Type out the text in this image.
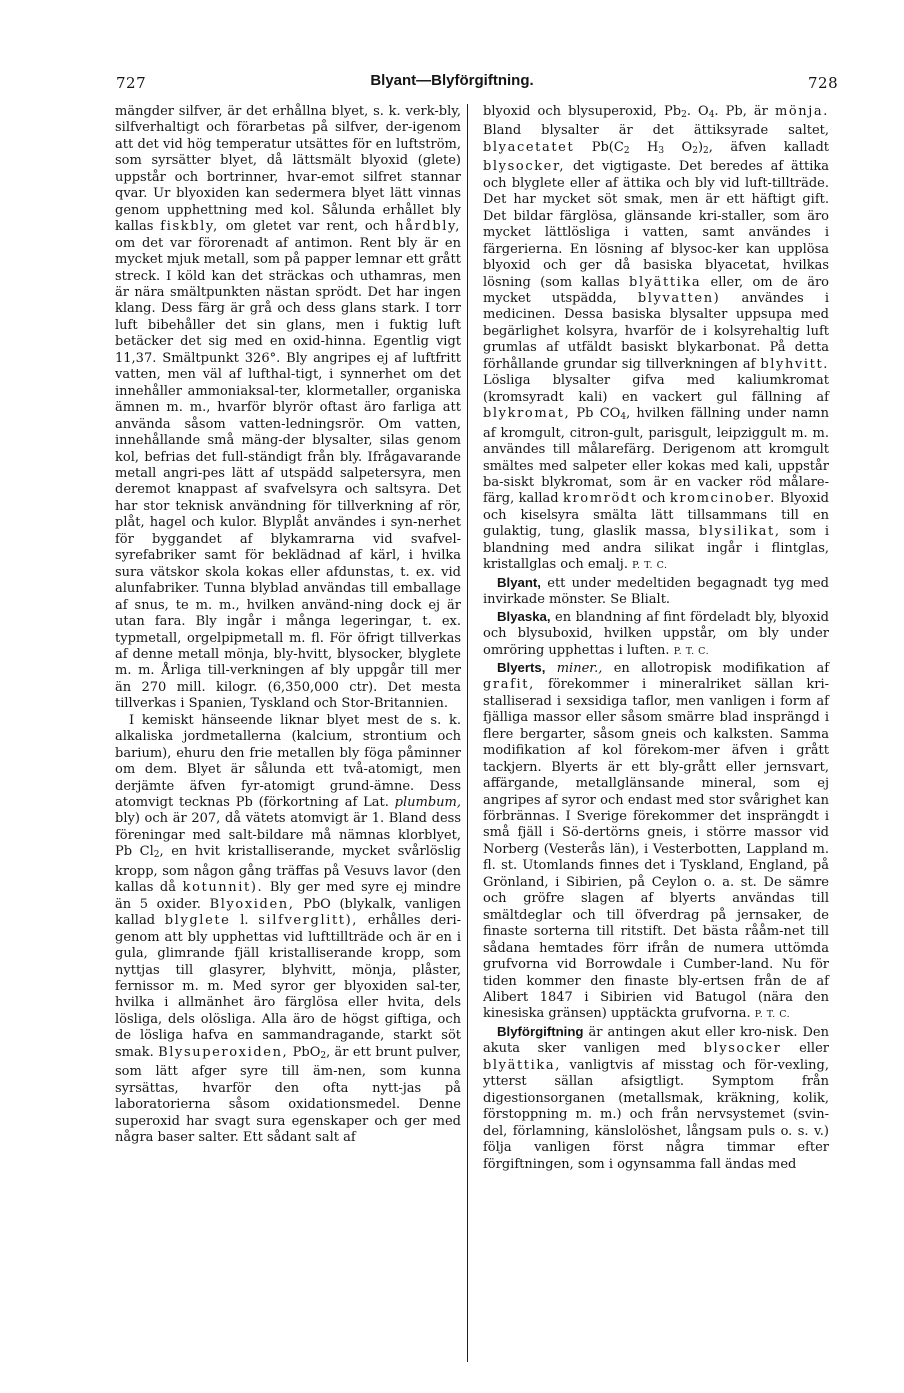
727	Blyant—Blyförgiftning.	728

mängder silfver, är det erhållna blyet, s. k. verk-bly, silfverhaltigt och förarbetas på silfver, der-igenom att det vid hög temperatur utsättes för en luftström, som syrsätter blyet, då lättsmält blyoxid (glete) uppstår och bortrinner, hvar-emot silfret stannar qvar. Ur blyoxiden kan sedermera blyet lätt vinnas genom upphettning med kol. Sålunda erhållet bly kallas fiskbly, om gletet var rent, och hårdbly, om det var förorenadt af antimon. Rent bly är en mycket mjuk metall, som på papper lemnar ett grått streck. I köld kan det sträckas och uthamras, men är nära smältpunkten nästan sprödt. Det har ingen klang. Dess färg är grå och dess glans stark. I torr luft bibehåller det sin glans, men i fuktig luft betäcker det sig med en oxid-hinna. Egentlig vigt 11,37. Smältpunkt 326°. Bly angripes ej af luftfritt vatten, men väl af lufthal-tigt, i synnerhet om det innehåller ammoniaksal-ter, klormetaller, organiska ämnen m. m., hvarför blyrör oftast äro farliga att använda såsom vatten-ledningsrör. Om vatten, innehållande små mäng-der blysalter, silas genom kol, befrias det full-ständigt från bly. Ifrågavarande metall angri-pes lätt af utspädd salpetersyra, men deremot knappast af svafvelsyra och saltsyra. Det har stor teknisk användning för tillverkning af rör, plåt, hagel och kulor. Blyplåt användes i syn-nerhet för byggandet af blykamrarna vid svafvel-syrefabriker samt för beklädnad af kärl, i hvilka sura vätskor skola kokas eller afdunstas, t. ex. vid alunfabriker. Tunna blyblad användas till emballage af snus, te m. m., hvilken använd-ning dock ej är utan fara. Bly ingår i många legeringar, t. ex. typmetall, orgelpipmetall m. fl. För öfrigt tillverkas af denne metall mönja, bly-hvitt, blysocker, blyglete m. m. Årliga till-verkningen af bly uppgår till mer än 270 mill. kilogr. (6,350,000 ctr). Det mesta tillverkas i Spanien, Tyskland och Stor-Britannien.

I kemiskt hänseende liknar blyet mest de s. k. alkaliska jordmetallerna (kalcium, strontium och barium), ehuru den frie metallen bly föga påminner om dem. Blyet är sålunda ett två-atomigt, men derjämte äfven fyr-atomigt grund-ämne. Dess atomvigt tecknas Pb (förkortning af Lat. plumbum, bly) och är 207, då vätets atomvigt är 1. Bland dess föreningar med salt-bildare må nämnas klorblyet, Pb $Cl_2$, en hvit kristalliserande, mycket svårlöslig kropp, som någon gång träffas på Vesuvs lavor (den kallas då kotunnit). Bly ger med syre ej mindre än 5 oxider. Blyoxiden, PbO (blykalk, vanligen kallad blyglete l. silfverglitt), erhålles deri-genom att bly upphettas vid lufttillträde och är en i gula, glimrande fjäll kristalliserande kropp, som nyttjas till glasyrer, blyhvitt, mönja, plåster, fernissor m. m. Med syror ger blyoxiden sal-ter, hvilka i allmänhet äro färglösa eller hvita, dels lösliga, dels olösliga. Alla äro de högst giftiga, och de lösliga hafva en sammandragande, starkt söt smak. Blysuperoxiden, PbO$_2$, är ett brunt pulver, som lätt afger syre till äm-nen, som kunna syrsättas, hvarför den ofta nytt-jas på laboratorierna såsom oxidationsmedel. Denne superoxid har svagt sura egenskaper och ger med några baser salter. Ett sådant salt af

blyoxid och blysuperoxid, $Pb_2$. $O_4$. Pb, är mönja. Bland blysalter är det ättiksyrade saltet, blyacetatet $Pb(C_2$ $H_3$ $O_2)_2$, äfven kalladt blysocker, det vigtigaste. Det beredes af ättika och blyglete eller af ättika och bly vid luft-tillträde. Det har mycket söt smak, men är ett häftigt gift. Det bildar färglösa, glänsande kri-staller, som äro mycket lättlösliga i vatten, samt användes i färgerierna. En lösning af blysoc-ker kan upplösa blyoxid och ger då basiska blyacetat, hvilkas lösning (som kallas blyättika eller, om de äro mycket utspädda, blyvatten) användes i medicinen. Dessa basiska blysalter uppsupa med begärlighet kolsyra, hvarför de i kolsyrehaltig luft grumlas af utfäldt basiskt blykarbonat. På detta förhållande grundar sig tillverkningen af blyhvitt. Lösliga blysalter gifva med kaliumkromat (kromsyradt kali) en vackert gul fällning af blykromat, Pb $CO_4$, hvilken fällning under namn af kromgult, citron-gult, parisgult, leipziggult m. m. användes till målarefärg. Derigenom att kromgult smältes med salpeter eller kokas med kali, uppstår ba-siskt blykromat, som är en vacker röd målare-färg, kallad kromrödt och kromcinober. Blyoxid och kiselsyra smälta lätt tillsammans till en gulaktig, tung, glaslik massa, blysilikat, som i blandning med andra silikat ingår i flintglas, kristallglas och emalj. P. T. C.

Blyant, ett under medeltiden begagnadt tyg med invirkade mönster. Se Blialt.

Blyaska, en blandning af fint fördeladt bly, blyoxid och blysuboxid, hvilken uppstår, om bly under omröring upphettas i luften. P. T. C.

Blyerts, miner., en allotropisk modifikation af grafit, förekommer i mineralriket sällan kri-stalliserad i sexsidiga taflor, men vanligen i form af fjälliga massor eller såsom smärre blad insprängd i flere bergarter, såsom gneis och kalksten. Samma modifikation af kol förekom-mer äfven i grått tackjern. Blyerts är ett bly-grått eller jernsvart, affärgande, metallglänsande mineral, som ej angripes af syror och endast med stor svårighet kan förbrännas. I Sverige förekommer det insprängdt i små fjäll i Sö-dertörns gneis, i större massor vid Norberg (Vesterås län), i Vesterbotten, Lappland m. fl. st. Utomlands finnes det i Tyskland, England, på Grönland, i Sibirien, på Ceylon o. a. st. De sämre och gröfre slagen af blyerts användas till smältdeglar och till öfverdrag på jernsaker, de finaste sorterna till ritstift. Det bästa rååm-net till sådana hemtades förr ifrån de numera uttömda grufvorna vid Borrowdale i Cumber-land. Nu för tiden kommer den finaste bly-ertsen från de af Alibert 1847 i Sibirien vid Batugol (nära den kinesiska gränsen) upptäckta grufvorna. P. T. C.

Blyförgiftning är antingen akut eller kro-nisk. Den akuta sker vanligen med blysocker eller blyättika, vanligtvis af misstag och för-vexling, ytterst sällan afsigtligt. Symptom från digestionsorganen (metallsmak, kräkning, kolik, förstoppning m. m.) och från nervsystemet (svin-del, förlamning, känslolöshet, långsam puls o. s. v.) följa vanligen först några timmar efter förgiftningen, som i ogynsamma fall ändas med
